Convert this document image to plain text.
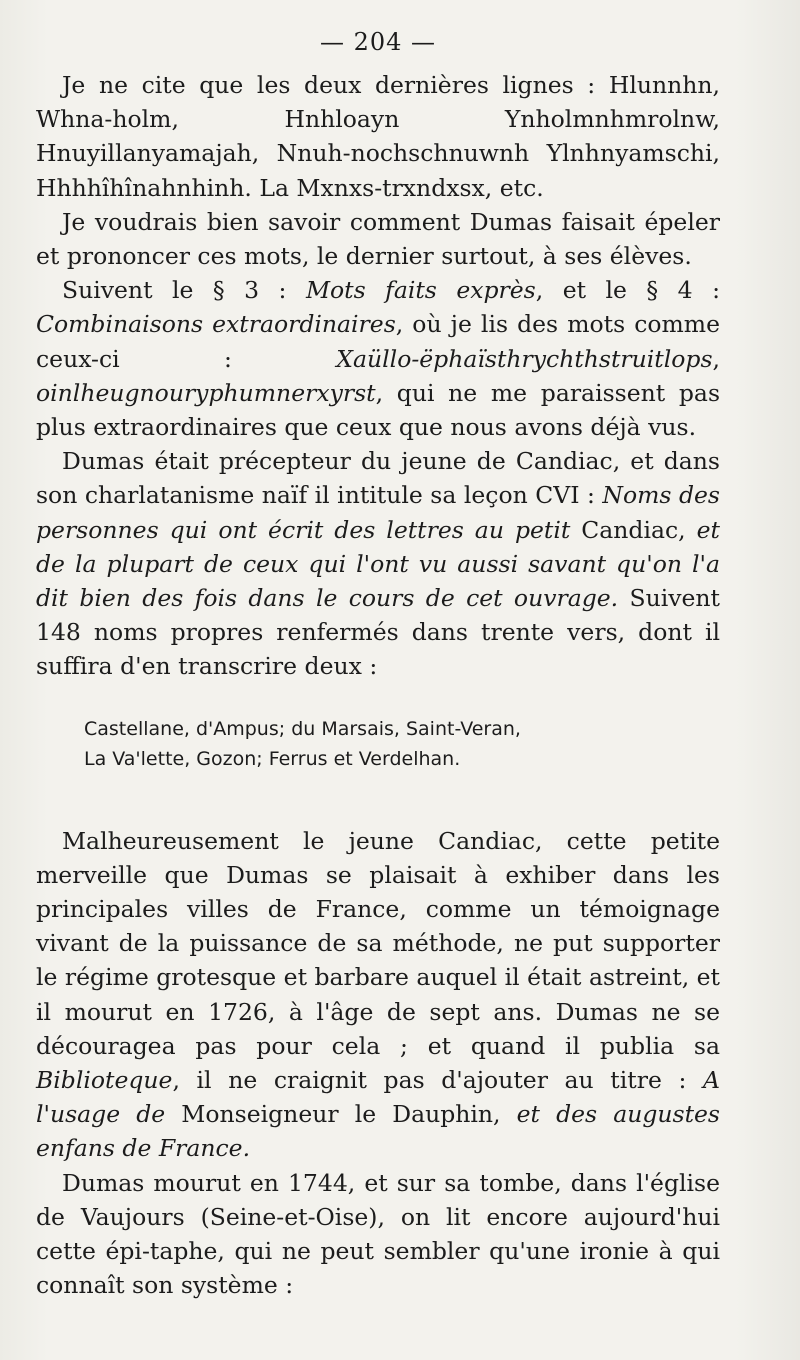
— 204 —

Je ne cite que les deux dernières lignes : Hlunnhn, Whna-holm, Hnhloayn Ynholmnhmrolnw, Hnuyillanyamajah, Nnuh-nochschnuwnh Ylnhnyamschi, Hhhhîhînahnhinh. La Mxnxs-trxndxsx, etc.

Je voudrais bien savoir comment Dumas faisait épeler et prononcer ces mots, le dernier surtout, à ses élèves.

Suivent le § 3 : Mots faits exprès, et le § 4 : Combinaisons extraordinaires, où je lis des mots comme ceux-ci : Xaüllo-ëphaïsthrychthstruitlops, oinlheugnouryphumnerxyrst, qui ne me paraissent pas plus extraordinaires que ceux que nous avons déjà vus.

Dumas était précepteur du jeune de Candiac, et dans son charlatanisme naïf il intitule sa leçon CVI : Noms des personnes qui ont écrit des lettres au petit Candiac, et de la plupart de ceux qui l'ont vu aussi savant qu'on l'a dit bien des fois dans le cours de cet ouvrage. Suivent 148 noms propres renfermés dans trente vers, dont il suffira d'en transcrire deux :

Castellane, d'Ampus; du Marsais, Saint-Veran,
La Va'lette, Gozon; Ferrus et Verdelhan.

Malheureusement le jeune Candiac, cette petite merveille que Dumas se plaisait à exhiber dans les principales villes de France, comme un témoignage vivant de la puissance de sa méthode, ne put supporter le régime grotesque et barbare auquel il était astreint, et il mourut en 1726, à l'âge de sept ans. Dumas ne se découragea pas pour cela ; et quand il publia sa Biblioteque, il ne craignit pas d'ajouter au titre : A l'usage de Monseigneur le Dauphin, et des augustes enfans de France.

Dumas mourut en 1744, et sur sa tombe, dans l'église de Vaujours (Seine-et-Oise), on lit encore aujourd'hui cette épi-taphe, qui ne peut sembler qu'une ironie à qui connaît son système :
